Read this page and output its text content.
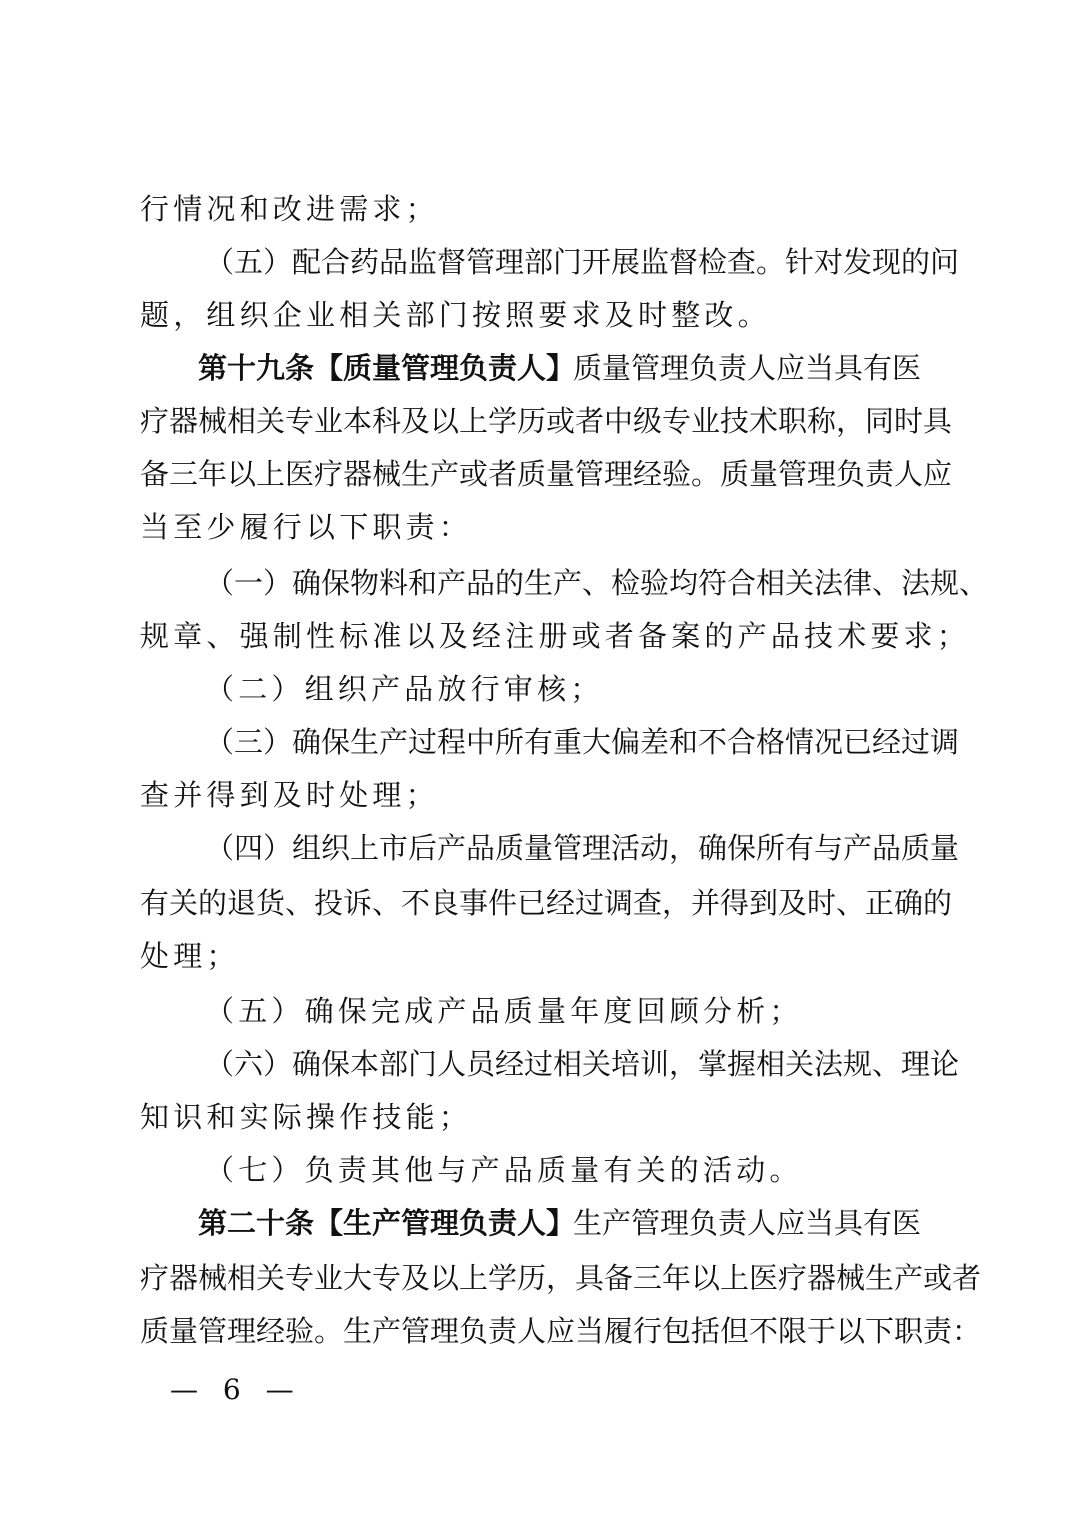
行情况和改进需求；
（五）配合药品监督管理部门开展监督检查。针对发现的问
题，组织企业相关部门按照要求及时整改。
第十九条【质量管理负责人】质量管理负责人应当具有医
疗器械相关专业本科及以上学历或者中级专业技术职称，同时具
备三年以上医疗器械生产或者质量管理经验。质量管理负责人应
当至少履行以下职责：
（一）确保物料和产品的生产、检验均符合相关法律、法规、
规章、强制性标准以及经注册或者备案的产品技术要求；
（二）组织产品放行审核；
（三）确保生产过程中所有重大偏差和不合格情况已经过调
查并得到及时处理；
（四）组织上市后产品质量管理活动，确保所有与产品质量
有关的退货、投诉、不良事件已经过调查，并得到及时、正确的
处理；
（五）确保完成产品质量年度回顾分析；
（六）确保本部门人员经过相关培训，掌握相关法规、理论
知识和实际操作技能；
（七）负责其他与产品质量有关的活动。
第二十条【生产管理负责人】生产管理负责人应当具有医
疗器械相关专业大专及以上学历，具备三年以上医疗器械生产或者
质量管理经验。生产管理负责人应当履行包括但不限于以下职责：
— 6 —
